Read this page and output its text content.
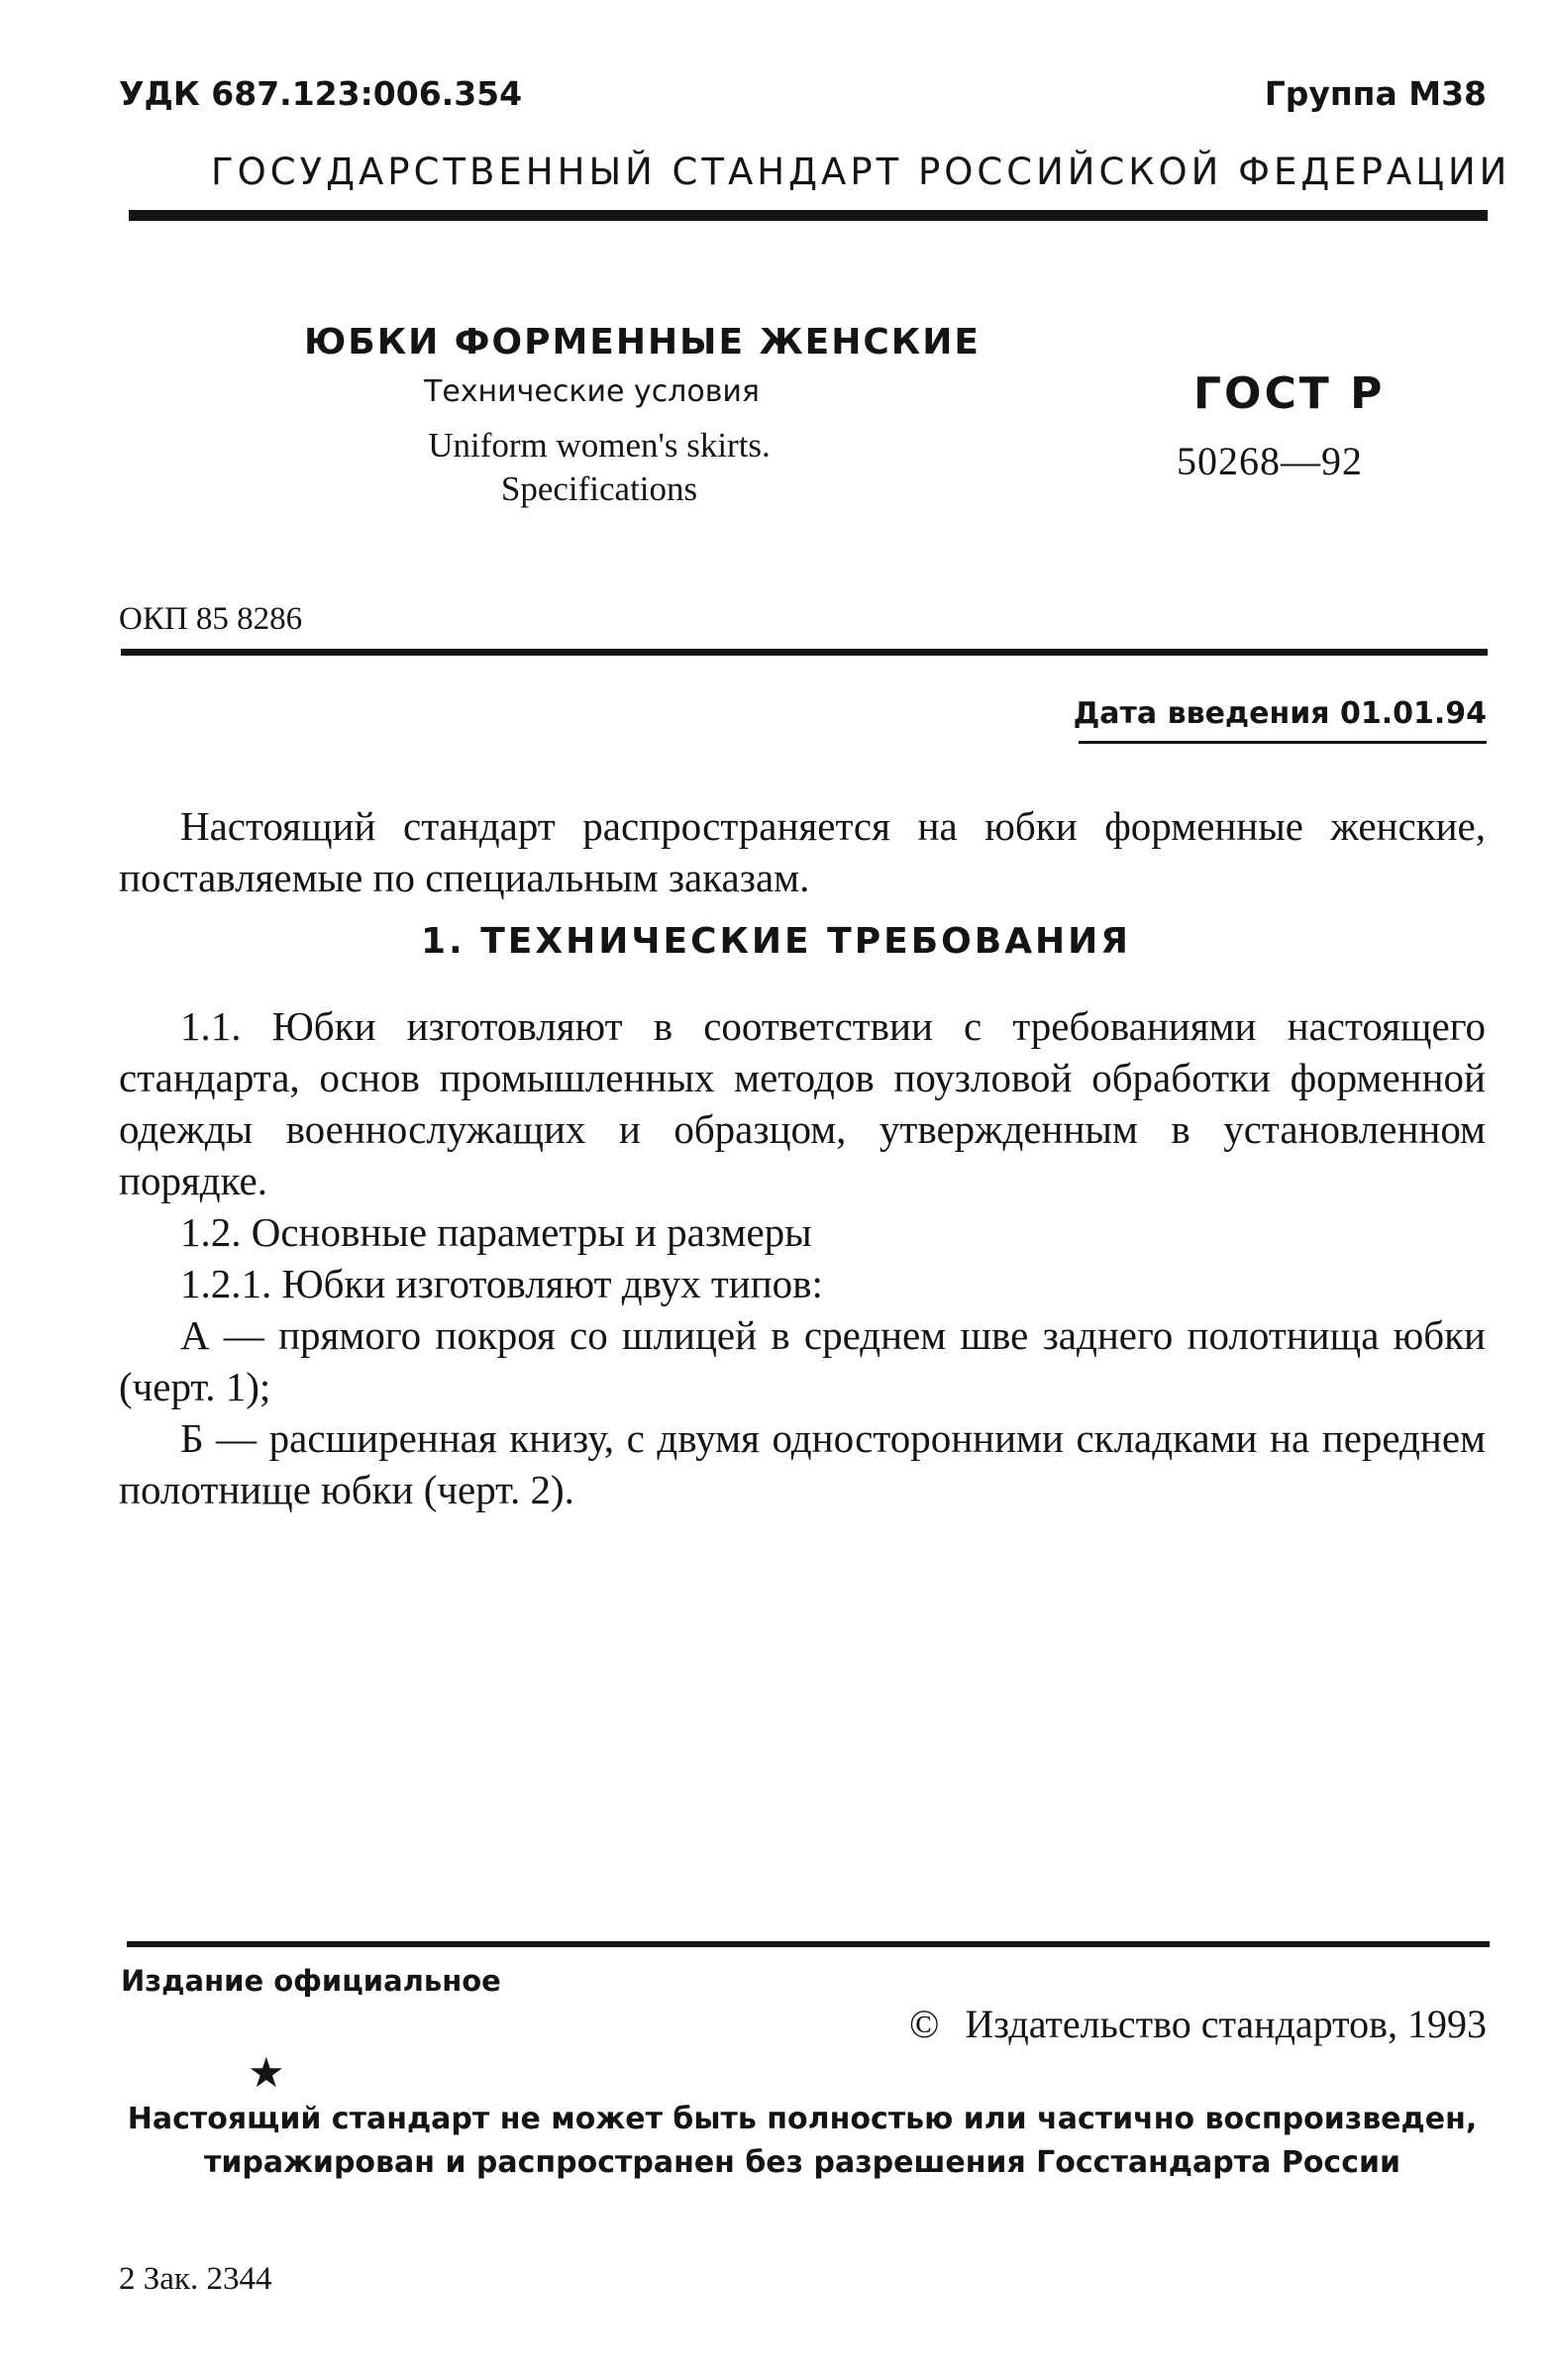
УДК 687.123:006.354	Группа М38
ГОСУДАРСТВЕННЫЙ СТАНДАРТ РОССИЙСКОЙ ФЕДЕРАЦИИ
ЮБКИ ФОРМЕННЫЕ ЖЕНСКИЕ
Технические условия
Uniform women's skirts. Specifications
ГОСТ Р
50268—92
ОКП 85 8286
Дата введения 01.01.94

Настоящий стандарт распространяется на юбки форменные женские, поставляемые по специальным заказам.

1. ТЕХНИЧЕСКИЕ ТРЕБОВАНИЯ

1.1. Юбки изготовляют в соответствии с требованиями настоящего стандарта, основ промышленных методов поузловой обработки форменной одежды военнослужащих и образцом, утвержденным в установленном порядке.

1.2. Основные параметры и размеры

1.2.1. Юбки изготовляют двух типов:

А — прямого покроя со шлицей в среднем шве заднего полотнища юбки (черт. 1);

Б — расширенная книзу, с двумя односторонними складками на переднем полотнище юбки (черт. 2).

Издание официальное
© Издательство стандартов, 1993
★
Настоящий стандарт не может быть полностью или частично воспроизведен, тиражирован и распространен без разрешения Госстандарта России
2 Зак. 2344
